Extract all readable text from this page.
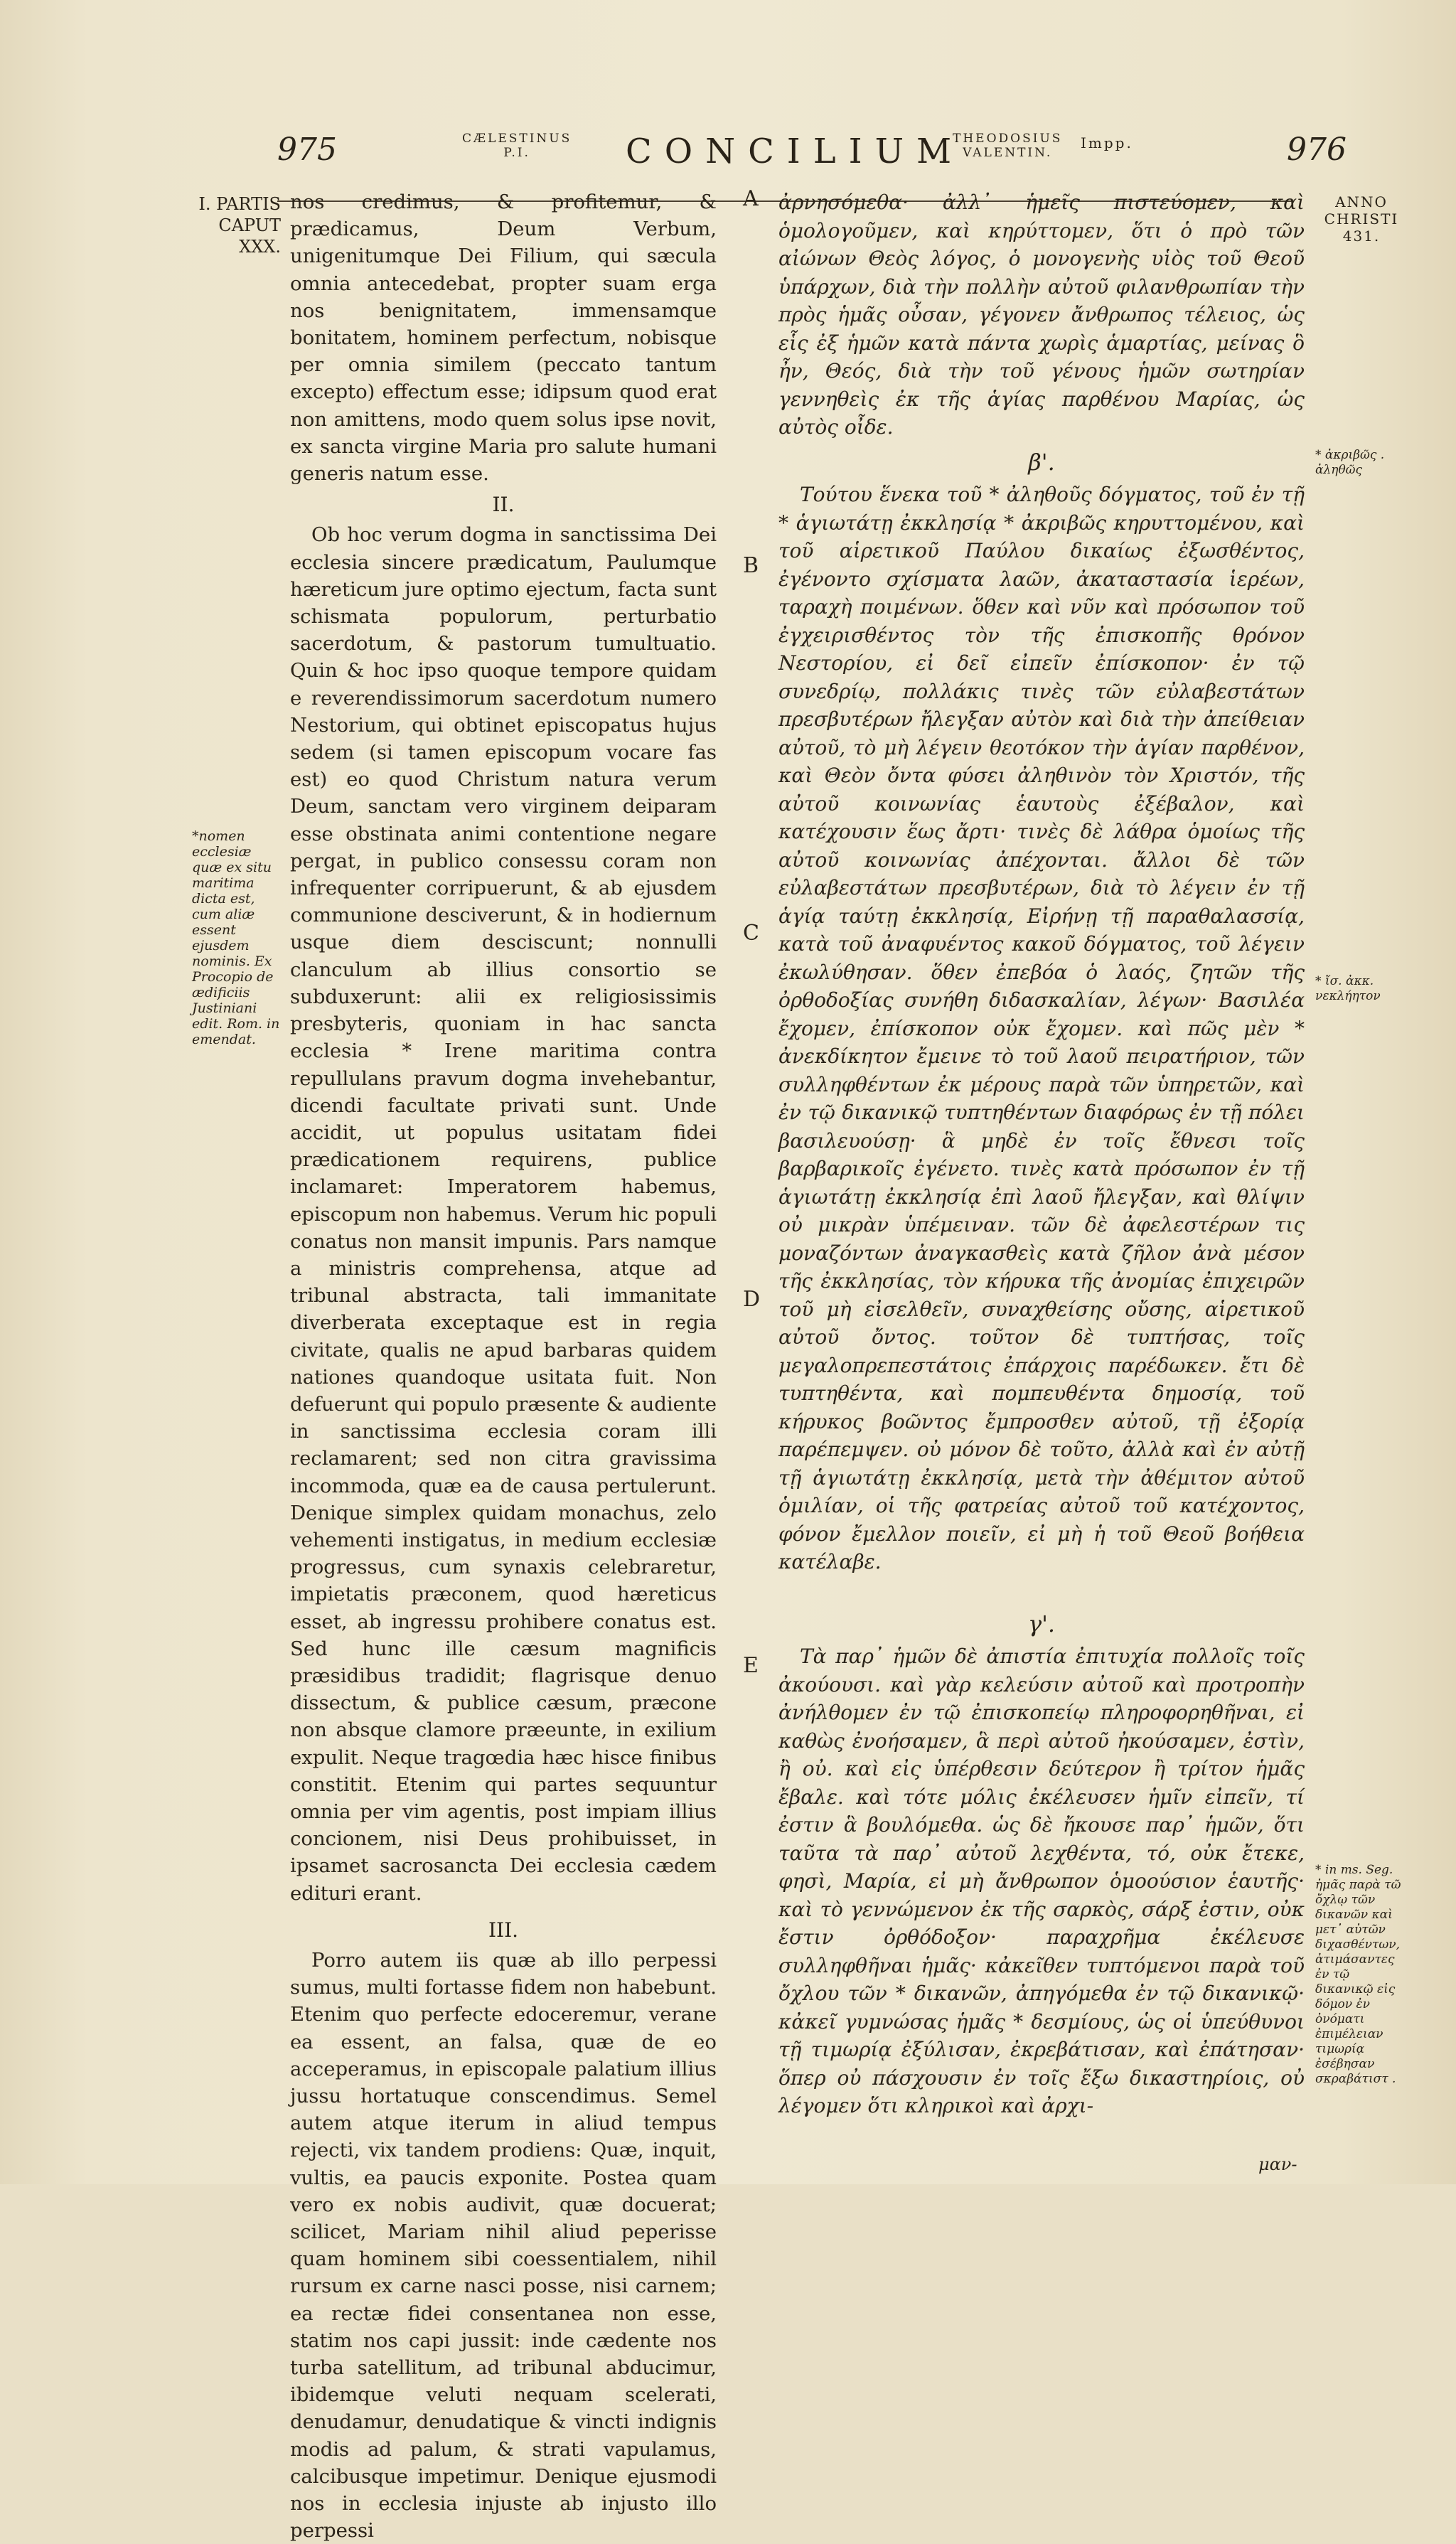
975	CÆLESTINUS
P.I.	CONCILIUM
THEODOSIUS
VALENTIN.
Impp.	976
I. PARTIS
CAPUT
XXX.
*nomen ecclesiæ quæ ex situ maritima dicta est, cum aliæ essent ejusdem nominis. Ex Procopio de ædificiis Justiniani edit. Rom. in emendat.

nos credimus, & profitemur, & prædicamus, Deum Verbum, unigenitumque Dei Filium, qui sæcula omnia antecedebat, propter suam erga nos benignitatem, immensamque bonitatem, hominem perfectum, nobisque per omnia similem (peccato tantum excepto) effectum esse; idipsum quod erat non amittens, modo quem solus ipse novit, ex sancta virgine Maria pro salute humani generis natum esse.

II.

Ob hoc verum dogma in sanctissima Dei ecclesia sincere prædicatum, Paulumque hæreticum jure optimo ejectum, facta sunt schismata populorum, perturbatio sacerdotum, & pastorum tumultuatio. Quin & hoc ipso quoque tempore quidam e reverendissimorum sacerdotum numero Nestorium, qui obtinet episcopatus hujus sedem (si tamen episcopum vocare fas est) eo quod Christum natura verum Deum, sanctam vero virginem deiparam esse obstinata animi contentione negare pergat, in publico consessu coram non infrequenter corripuerunt, & ab ejusdem communione desciverunt, & in hodiernum usque diem desciscunt; nonnulli clanculum ab illius consortio se subduxerunt: alii ex religiosissimis presbyteris, quoniam in hac sancta ecclesia * Irene maritima contra repullulans pravum dogma invehebantur, dicendi facultate privati sunt. Unde accidit, ut populus usitatam fidei prædicationem requirens, publice inclamaret: Imperatorem habemus, episcopum non habemus. Verum hic populi conatus non mansit impunis. Pars namque a ministris comprehensa, atque ad tribunal abstracta, tali immanitate diverberata exceptaque est in regia civitate, qualis ne apud barbaras quidem nationes quandoque usitata fuit. Non defuerunt qui populo præsente & audiente in sanctissima ecclesia coram illi reclamarent; sed non citra gravissima incommoda, quæ ea de causa pertulerunt. Denique simplex quidam monachus, zelo vehementi instigatus, in medium ecclesiæ progressus, cum synaxis celebraretur, impietatis præconem, quod hæreticus esset, ab ingressu prohibere conatus est. Sed hunc ille cæsum magnificis præsidibus tradidit; flagrisque denuo dissectum, & publice cæsum, præcone non absque clamore præeunte, in exilium expulit. Neque tragœdia hæc hisce finibus constitit. Etenim qui partes sequuntur omnia per vim agentis, post impiam illius concionem, nisi Deus prohibuisset, in ipsamet sacrosancta Dei ecclesia cædem edituri erant.

III.

Porro autem iis quæ ab illo perpessi sumus, multi fortasse fidem non habebunt. Etenim quo perfecte edoceremur, verane ea essent, an falsa, quæ de eo acceperamus, in episcopale palatium illius jussu hortatuque conscendimus. Semel autem atque iterum in aliud tempus rejecti, vix tandem prodiens: Quæ, inquit, vultis, ea paucis exponite. Postea quam vero ex nobis audivit, quæ docuerat; scilicet, Mariam nihil aliud peperisse quam hominem sibi coessentialem, nihil rursum ex carne nasci posse, nisi carnem; ea rectæ fidei consentanea non esse, statim nos capi jussit: inde cædente nos turba satellitum, ad tribunal abducimur, ibidemque veluti nequam scelerati, denudamur, denudatique & vincti indignis modis ad palum, & strati vapulamus, calcibusque impetimur. Denique ejusmodi nos in ecclesia injuste ab injusto illo perpessi

A
B
C
D
E

ἀρνησόμεθα· ἀλλ᾽ ἡμεῖς πιστεύομεν, καὶ ὁμολογοῦμεν, καὶ κηρύττομεν, ὅτι ὁ πρὸ τῶν αἰώνων Θεὸς λόγος, ὁ μονογενὴς υἱὸς τοῦ Θεοῦ ὑπάρχων, διὰ τὴν πολλὴν αὐτοῦ φιλανθρωπίαν τὴν πρὸς ἡμᾶς οὖσαν, γέγονεν ἄνθρωπος τέλειος, ὡς εἷς ἐξ ἡμῶν κατὰ πάντα χωρὶς ἁμαρτίας, μείνας ὃ ἦν, Θεός, διὰ τὴν τοῦ γένους ἡμῶν σωτηρίαν γεννηθεὶς ἐκ τῆς ἁγίας παρθένου Μαρίας, ὡς αὐτὸς οἶδε.

β'.

Τούτου ἕνεκα τοῦ * ἀληθοῦς δόγματος, τοῦ ἐν τῇ * ἁγιωτάτῃ ἐκκλησίᾳ * ἀκριβῶς κηρυττομένου, καὶ τοῦ αἱρετικοῦ Παύλου δικαίως ἐξωσθέντος, ἐγένοντο σχίσματα λαῶν, ἀκαταστασία ἱερέων, ταραχὴ ποιμένων. ὅθεν καὶ νῦν καὶ πρόσωπον τοῦ ἐγχειρισθέντος τὸν τῆς ἐπισκοπῆς θρόνον Νεστορίου, εἰ δεῖ εἰπεῖν ἐπίσκοπον· ἐν τῷ συνεδρίῳ, πολλάκις τινὲς τῶν εὐλαβεστάτων πρεσβυτέρων ἤλεγξαν αὐτὸν καὶ διὰ τὴν ἀπείθειαν αὐτοῦ, τὸ μὴ λέγειν θεοτόκον τὴν ἁγίαν παρθένον, καὶ Θεὸν ὄντα φύσει ἀληθινὸν τὸν Χριστόν, τῆς αὐτοῦ κοινωνίας ἑαυτοὺς ἐξέβαλον, καὶ κατέχουσιν ἕως ἄρτι· τινὲς δὲ λάθρα ὁμοίως τῆς αὐτοῦ κοινωνίας ἀπέχονται. ἄλλοι δὲ τῶν εὐλαβεστάτων πρεσβυτέρων, διὰ τὸ λέγειν ἐν τῇ ἁγίᾳ ταύτῃ ἐκκλησίᾳ, Εἰρήνῃ τῇ παραθαλασσίᾳ, κατὰ τοῦ ἀναφυέντος κακοῦ δόγματος, τοῦ λέγειν ἐκωλύθησαν. ὅθεν ἐπεβόα ὁ λαός, ζητῶν τῆς ὀρθοδοξίας συνήθη διδασκαλίαν, λέγων· Βασιλέα ἔχομεν, ἐπίσκοπον οὐκ ἔχομεν. καὶ πῶς μὲν * ἀνεκδίκητον ἔμεινε τὸ τοῦ λαοῦ πειρατήριον, τῶν συλληφθέντων ἐκ μέρους παρὰ τῶν ὑπηρετῶν, καὶ ἐν τῷ δικανικῷ τυπτηθέντων διαφόρως ἐν τῇ πόλει βασιλευούσῃ· ἃ μηδὲ ἐν τοῖς ἔθνεσι τοῖς βαρβαρικοῖς ἐγένετο. τινὲς κατὰ πρόσωπον ἐν τῇ ἁγιωτάτῃ ἐκκλησίᾳ ἐπὶ λαοῦ ἤλεγξαν, καὶ θλίψιν οὐ μικρὰν ὑπέμειναν. τῶν δὲ ἀφελεστέρων τις μοναζόντων ἀναγκασθεὶς κατὰ ζῆλον ἀνὰ μέσον τῆς ἐκκλησίας, τὸν κήρυκα τῆς ἀνομίας ἐπιχειρῶν τοῦ μὴ εἰσελθεῖν, συναχθείσης οὔσης, αἱρετικοῦ αὐτοῦ ὄντος. τοῦτον δὲ τυπτήσας, τοῖς μεγαλοπρεπεστάτοις ἐπάρχοις παρέδωκεν. ἔτι δὲ τυπτηθέντα, καὶ πομπευθέντα δημοσίᾳ, τοῦ κήρυκος βοῶντος ἔμπροσθεν αὐτοῦ, τῇ ἐξορίᾳ παρέπεμψεν. οὐ μόνον δὲ τοῦτο, ἀλλὰ καὶ ἐν αὐτῇ τῇ ἁγιωτάτῃ ἐκκλησίᾳ, μετὰ τὴν ἀθέμιτον αὐτοῦ ὁμιλίαν, οἱ τῆς φατρείας αὐτοῦ τοῦ κατέχοντος, φόνον ἔμελλον ποιεῖν, εἰ μὴ ἡ τοῦ Θεοῦ βοήθεια κατέλαβε.

γ'.

Τὰ παρ᾽ ἡμῶν δὲ ἀπιστία ἐπιτυχία πολλοῖς τοῖς ἀκούουσι. καὶ γὰρ κελεύσιν αὐτοῦ καὶ προτροπὴν ἀνήλθομεν ἐν τῷ ἐπισκοπείῳ πληροφορηθῆναι, εἰ καθὼς ἐνοήσαμεν, ἃ περὶ αὐτοῦ ἠκούσαμεν, ἐστὶν, ἢ οὐ. καὶ εἰς ὑπέρθεσιν δεύτερον ἢ τρίτον ἡμᾶς ἔβαλε. καὶ τότε μόλις ἐκέλευσεν ἡμῖν εἰπεῖν, τί ἐστιν ἃ βουλόμεθα. ὡς δὲ ἤκουσε παρ᾽ ἡμῶν, ὅτι ταῦτα τὰ παρ᾽ αὐτοῦ λεχθέντα, τό, οὐκ ἔτεκε, φησὶ, Μαρία, εἰ μὴ ἄνθρωπον ὁμοούσιον ἑαυτῆς· καὶ τὸ γεννώμενον ἐκ τῆς σαρκὸς, σάρξ ἐστιν, οὐκ ἔστιν ὀρθόδοξον· παραχρῆμα ἐκέλευσε συλληφθῆναι ἡμᾶς· κἀκεῖθεν τυπτόμενοι παρὰ τοῦ ὄχλου τῶν * δικανῶν, ἀπηγόμεθα ἐν τῷ δικανικῷ· κἀκεῖ γυμνώσας ἡμᾶς * δεσμίους, ὡς οἱ ὑπεύθυνοι τῇ τιμωρίᾳ ἐξύλισαν, ἐκρεβάτισαν, καὶ ἐπάτησαν· ὅπερ οὐ πάσχουσιν ἐν τοῖς ἔξω δικαστηρίοις, οὐ λέγομεν ὅτι κληρικοὶ καὶ ἀρχι-

ANNO
CHRISTI
431.
* ἀκριβῶς . ἀληθῶς
* ἴσ. ἀκκ. νεκλήητον
* in ms. Seg. ἡμᾶς παρὰ τῶ ὄχλῳ τῶν δικανῶν καὶ μετ᾽ αὐτῶν διχασθέντων, ἀτιμάσαντες ἐν τῷ δικανικῷ εἰς δόμον ἐν ὀνόματι ἐπιμέλειαν τιμωρίᾳ ἐσέβησαν σκραβάτιστ .
μαν-
